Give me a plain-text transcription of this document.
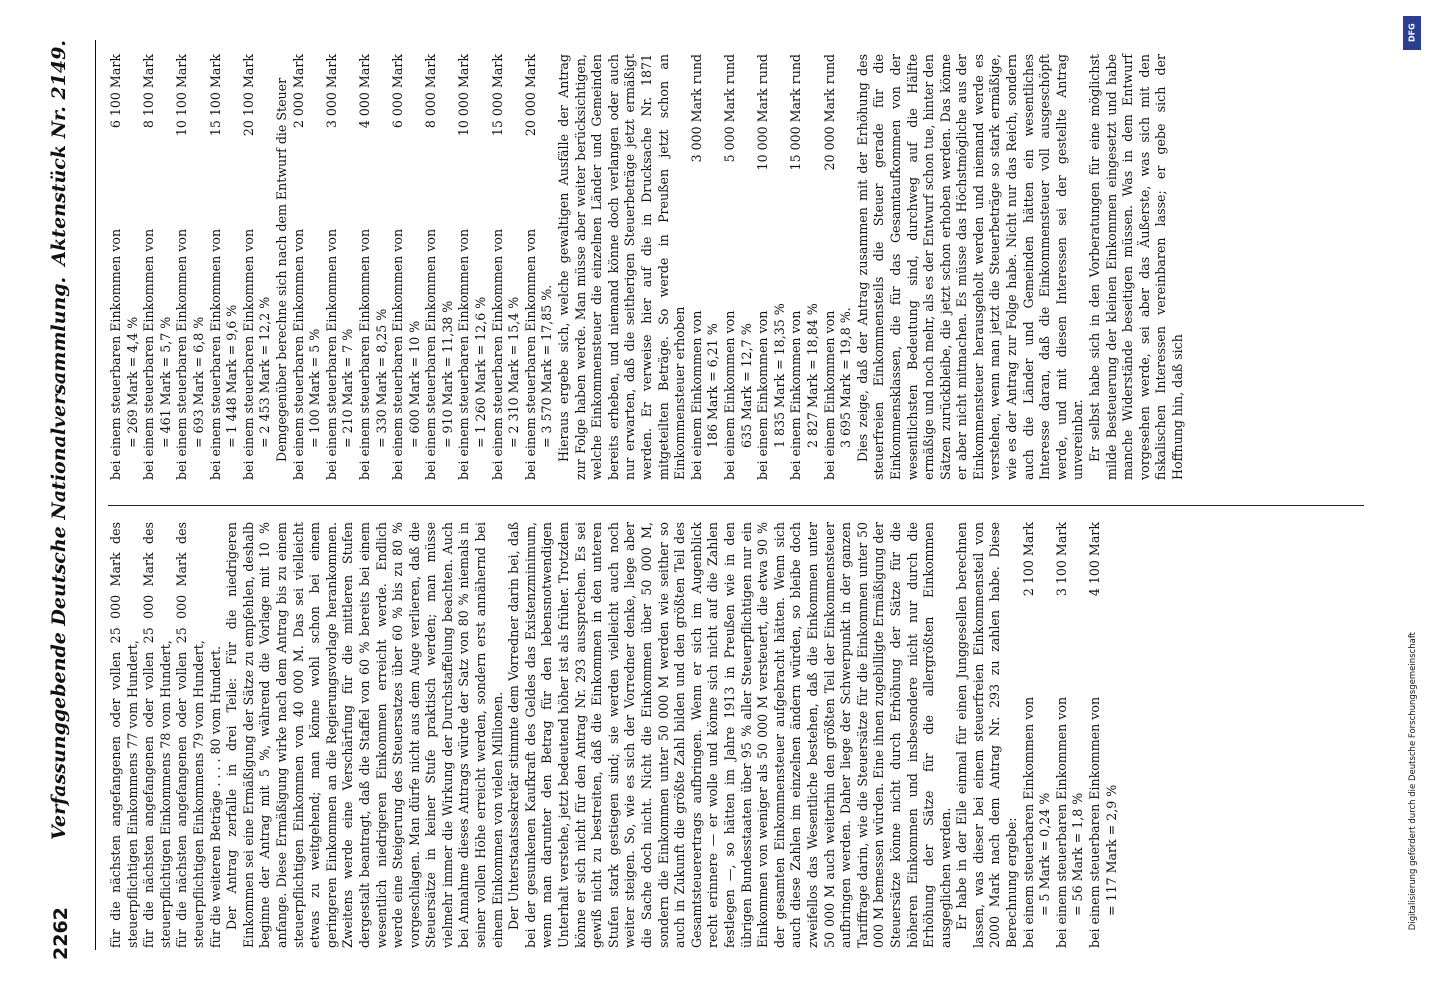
2262
Verfassunggebende Deutsche Nationalversammlung.
Aktenstück Nr. 2149.

für die nächsten angefangenen oder vollen 25 000 Mark des steuerpflichtigen Einkommens 77 vom Hundert, für die nächsten angefangenen oder vollen 25 000 Mark des steuerpflichtigen Einkommens 78 vom Hundert, für die nächsten angefangenen oder vollen 25 000 Mark des steuerpflichtigen Einkommens 79 vom Hundert, für die weiteren Beträge . . . . 80 vom Hundert. Der Antrag zerfalle in drei Teile: Für die niedrigeren Einkommen sei eine Ermäßigung der Sätze zu empfehlen, deshalb beginne der Antrag mit 5 %, während die Vorlage mit 10 % anfange. Diese Ermäßigung wirke nach dem Antrag bis zu einem steuerpflichtigen Einkommen von 40 000 M. Das sei vielleicht etwas zu weitgehend; man könne wohl schon bei einem geringeren Einkommen an die Regierungsvorlage herankommen. Zweitens werde eine Verschärfung für die mittleren Stufen dergestalt beantragt, daß die Staffel von 60 % bereits bei einem wesentlich niedrigeren Einkommen erreicht werde. Endlich werde eine Steigerung des Steuersatzes über 60 % bis zu 80 % vorgeschlagen. Man dürfe nicht aus dem Auge verlieren, daß die Steuersätze in keiner Stufe praktisch werden; man müsse vielmehr immer die Wirkung der Durchstaffelung beachten. Auch bei Annahme dieses Antrags würde der Satz von 80 % niemals in seiner vollen Höhe erreicht werden, sondern erst annähernd bei einem Einkommen von vielen Millionen. Der Unterstaatssekretär stimmte dem Vorredner darin bei, daß bei der gesunkenen Kaufkraft des Geldes das Existenzminimum, wenn man darunter den Betrag für den lebensnotwendigen Unterhalt verstehe, jetzt bedeutend höher ist als früher. Trotzdem könne er sich nicht für den Antrag Nr. 293 aussprechen. Es sei gewiß nicht zu bestreiten, daß die Einkommen in den unteren Stufen stark gestiegen sind; sie werden vielleicht auch noch weiter steigen. So, wie es sich der Vorredner denke, liege aber die Sache doch nicht. Nicht die Einkommen über 50 000 M, sondern die Einkommen unter 50 000 M werden wie seither so auch in Zukunft die größte Zahl bilden und den größten Teil des Gesamtsteuerertrags aufbringen. Wenn er sich im Augenblick recht erinnere — er wolle und könne sich nicht auf die Zahlen festlegen —, so hätten im Jahre 1913 in Preußen wie in den übrigen Bundesstaaten über 95 % aller Steuerpflichtigen nur ein Einkommen von weniger als 50 000 M versteuert, die etwa 90 % der gesamten Einkommensteuer aufgebracht hätten. Wenn sich auch diese Zahlen im einzelnen ändern würden, so bleibe doch zweifellos das Wesentliche bestehen, daß die Einkommen unter 50 000 M auch weiterhin den größten Teil der Einkommensteuer aufbringen werden. Daher liege der Schwerpunkt in der ganzen Tariffrage darin, wie die Steuersätze für die Einkommen unter 50 000 M bemessen würden. Eine ihnen zugebilligte Ermäßigung der Steuersätze könne nicht durch Erhöhung der Sätze für die höheren Einkommen und insbesondere nicht nur durch die Erhöhung der Sätze für die allergrößten Einkommen ausgeglichen werden. Er habe in der Eile einmal für einen Junggesellen berechnen lassen, was dieser bei einem steuerfreien Einkommensteil von 2000 Mark nach dem Antrag Nr. 293 zu zahlen habe. Diese Berechnung ergebe: bei einem steuerbaren Einkommen von
2 100 Mark
= 5 Mark = 0,24 % bei einem steuerbaren Einkommen von
3 100 Mark
= 56 Mark = 1,8 % bei einem steuerbaren Einkommen von
4 100 Mark
= 117 Mark = 2,9 %
bei einem steuerbaren Einkommen von
6 100 Mark
= 269 Mark = 4,4 % bei einem steuerbaren Einkommen von
8 100 Mark
= 461 Mark = 5,7 % bei einem steuerbaren Einkommen von
10 100 Mark
= 693 Mark = 6,8 % bei einem steuerbaren Einkommen von
15 100 Mark
= 1 448 Mark = 9,6 % bei einem steuerbaren Einkommen von
20 100 Mark
= 2 453 Mark = 12,2 % Demgegenüber berechne sich nach dem Entwurf die Steuer bei einem steuerbaren Einkommen von
2 000 Mark
= 100 Mark = 5 % bei einem steuerbaren Einkommen von
3 000 Mark
= 210 Mark = 7 % bei einem steuerbaren Einkommen von
4 000 Mark
= 330 Mark = 8,25 % bei einem steuerbaren Einkommen von
6 000 Mark
= 600 Mark = 10 % bei einem steuerbaren Einkommen von
8 000 Mark
= 910 Mark = 11,38 % bei einem steuerbaren Einkommen von
10 000 Mark
= 1 260 Mark = 12,6 % bei einem steuerbaren Einkommen von
15 000 Mark
= 2 310 Mark = 15,4 % bei einem steuerbaren Einkommen von
20 000 Mark
= 3 570 Mark = 17,85 %. Hieraus ergebe sich, welche gewaltigen Ausfälle der Antrag zur Folge haben werde. Man müsse aber weiter berücksichtigen, welche Einkommensteuer die einzelnen Länder und Gemeinden bereits erheben, und niemand könne doch verlangen oder auch nur erwarten, daß die seitherigen Steuerbeträge jetzt ermäßigt werden. Er verweise hier auf die in Drucksache Nr. 1871 mitgeteilten Beträge. So werde in Preußen jetzt schon an Einkommensteuer erhoben bei einem Einkommen von
3 000 Mark rund
186 Mark = 6,21 % bei einem Einkommen von
5 000 Mark rund
635 Mark = 12,7 % bei einem Einkommen von
10 000 Mark rund
1 835 Mark = 18,35 % bei einem Einkommen von
15 000 Mark rund
2 827 Mark = 18,84 % bei einem Einkommen von
20 000 Mark rund
3 695 Mark = 19,8 %. Dies zeige, daß der Antrag zusammen mit der Erhöhung des steuerfreien Einkommensteils die Steuer gerade für die Einkommensklassen, die für das Gesamtaufkommen von der wesentlichsten Bedeutung sind, durchweg auf die Hälfte ermäßige und noch mehr, als es der Entwurf schon tue, hinter den Sätzen zurückbleibe, die jetzt schon erhoben werden. Das könne er aber nicht mitmachen. Es müsse das Höchstmögliche aus der Einkommensteuer herausgeholt werden und niemand werde es verstehen, wenn man jetzt die Steuerbeträge so stark ermäßige, wie es der Antrag zur Folge habe. Nicht nur das Reich, sondern auch die Länder und Gemeinden hätten ein wesentliches Interesse daran, daß die Einkommensteuer voll ausgeschöpft werde, und mit diesen Interessen sei der gestellte Antrag unvereinbar. Er selbst habe sich in den Vorberatungen für eine möglichst milde Besteuerung der kleinen Einkommen eingesetzt und habe manche Widerstände beseitigen müssen. Was in dem Entwurf vorgesehen werde, sei aber das Äußerste, was sich mit den fiskalischen Interessen vereinbaren lasse; er gebe sich der Hoffnung hin, daß sich

DFG
Digitalisierung gefördert durch die Deutsche Forschungsgemeinschaft
